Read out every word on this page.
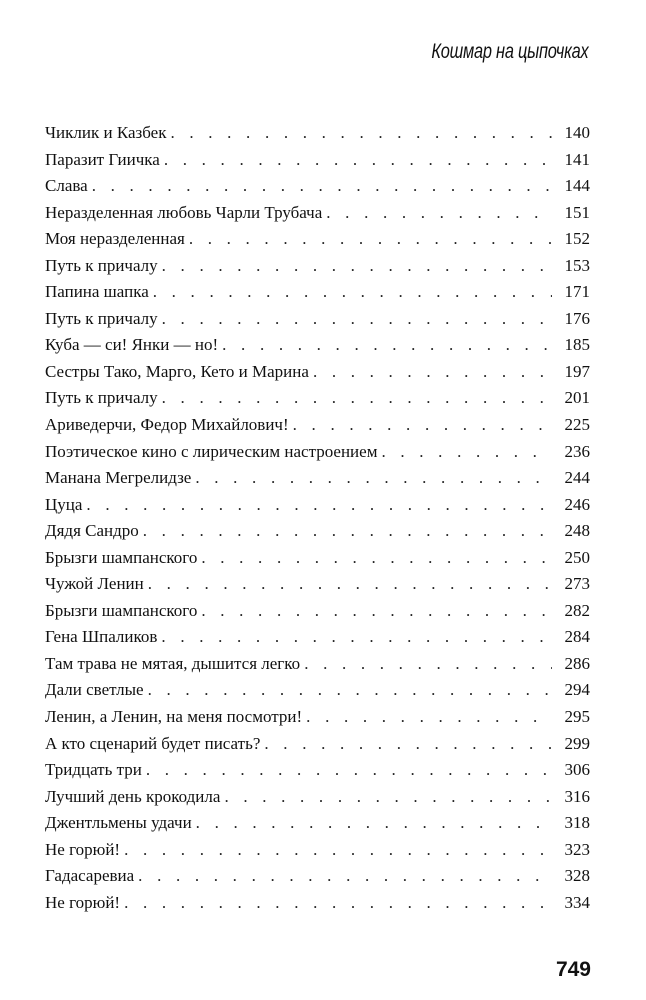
Кошмар на цыпочках
Чиклик и Казбек . . .	140
Паразит Гиичка . . .	141
Слава . . .	144
Неразделенная любовь Чарли Трубача . . .	151
Моя неразделенная . . .	152
Путь к причалу . . .	153
Папина шапка . . .	171
Путь к причалу . . .	176
Куба — си! Янки — но! . . .	185
Сестры Тако, Марго, Кето и Марина . . .	197
Путь к причалу . . .	201
Ариведерчи, Федор Михайлович! . . .	225
Поэтическое кино с лирическим настроением . . .	236
Манана Мегрелидзе . . .	244
Цуца . . .	246
Дядя Сандро . . .	248
Брызги шампанского . . .	250
Чужой Ленин . . .	273
Брызги шампанского . . .	282
Гена Шпаликов . . .	284
Там трава не мятая, дышится легко . . .	286
Дали светлые . . .	294
Ленин, а Ленин, на меня посмотри! . . .	295
А кто сценарий будет писать? . . .	299
Тридцать три . . .	306
Лучший день крокодила . . .	316
Джентльмены удачи . . .	318
Не горюй! . . .	323
Гадасаревиа . . .	328
Не горюй! . . .	334
749
